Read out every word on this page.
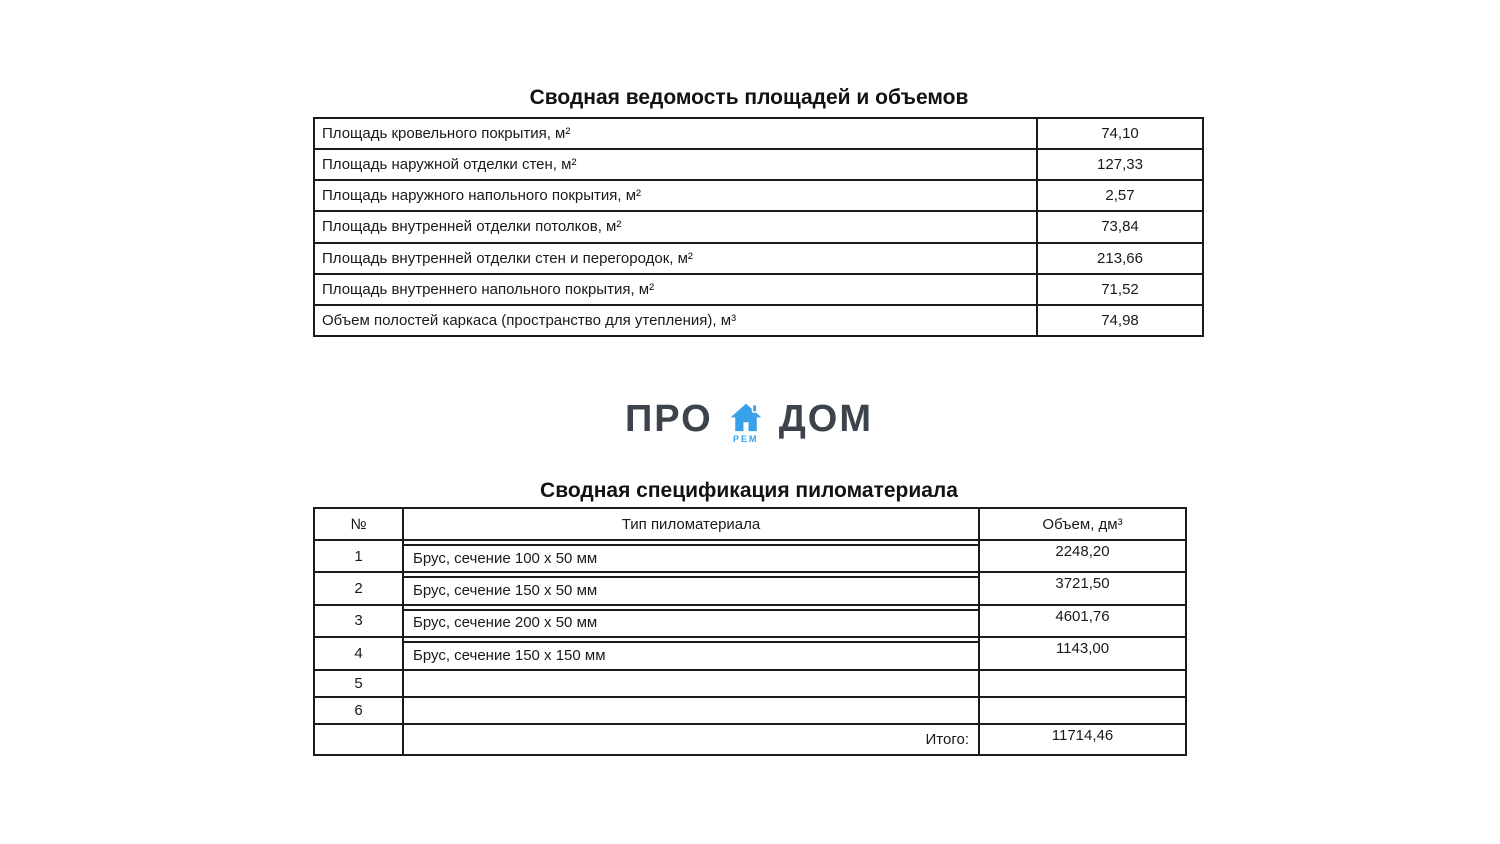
Сводная ведомость площадей и объемов
Площадь кровельного покрытия, м²	74,10
Площадь наружной отделки стен, м²	127,33
Площадь наружного напольного покрытия, м²	2,57
Площадь внутренней отделки потолков, м²	73,84
Площадь внутренней отделки стен и перегородок, м²	213,66
Площадь внутреннего напольного покрытия, м²	71,52
Объем полостей каркаса (пространство для утепления), м³	74,98
ПРО РЕМ ДОМ
Сводная спецификация пиломатериала
№	Тип пиломатериала	Объем, дм³
1	Брус, сечение 100 х 50 мм	2248,20
2	Брус, сечение 150 х 50 мм	3721,50
3	Брус, сечение 200 х 50 мм	4601,76
4	Брус, сечение 150 х 150 мм	1143,00
5		
6		
	Итого:	11714,46
